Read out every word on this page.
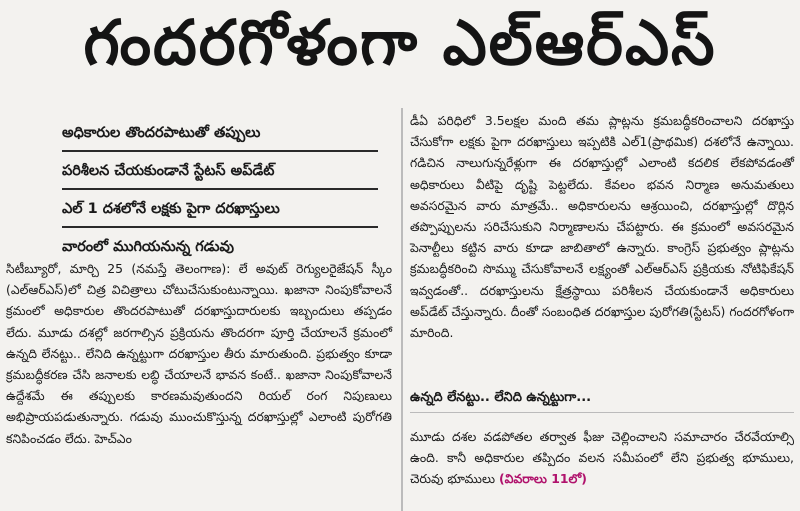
గందరగోళంగా ఎల్ఆర్ఎస్
అధికారుల తొందరపాటుతో తప్పులు
పరిశీలన చేయకుండానే స్టేటస్ అప్‌డేట్
ఎల్ 1 దశలోనే లక్షకు పైగా దరఖాస్తులు
వారంలో ముగియనున్న గడువు
సిటీబ్యూరో, మార్చి 25 (నమస్తే తెలంగాణ): లే అవుట్ రెగ్యులరైజేషన్ స్కీం (ఎల్ఆర్ఎస్)లో చిత్ర విచిత్రాలు చోటుచేసుకుంటున్నాయి. ఖజానా నింపుకోవాలనే క్రమంలో అధికారుల తొందరపాటుతో దరఖాస్తుదారులకు ఇబ్బందులు తప్పడం లేదు. మూడు దశల్లో జరగాల్సిన ప్రక్రియను తొందరగా పూర్తి చేయాలనే క్రమంలో ఉన్నది లేనట్టు.. లేనిది ఉన్నట్టుగా దరఖాస్తుల తీరు మారుతుంది. ప్రభుత్వం కూడా క్రమబద్ధీకరణ చేసి జనాలకు లబ్ధి చేయాలనే భావన కంటే.. ఖజానా నింపుకోవాలనే ఉద్దేశమే ఈ తప్పులకు కారణమవుతుందని రియల్ రంగ నిపుణులు అభిప్రాయపడుతున్నారు. గడువు ముంచుకొస్తున్న దరఖాస్తుల్లో ఎలాంటి పురోగతి కనిపించడం లేదు. హెచ్ఎం
డీఏ పరిధిలో 3.5లక్షల మంది తమ ప్లాట్లను క్రమబద్ధీకరించాలని దరఖాస్తు చేసుకోగా లక్షకు పైగా దరఖాస్తులు ఇప్పటికి ఎల్1(ప్రాథమిక) దశలోనే ఉన్నాయి. గడిచిన నాలుగున్నరేళ్లుగా ఈ దరఖాస్తుల్లో ఎలాంటి కదలిక లేకపోవడంతో అధికారులు వీటిపై దృష్టి పెట్టలేదు. కేవలం భవన నిర్మాణ అనుమతులు అవసరమైన వారు మాత్రమే.. అధికారులను ఆశ్రయించి, దరఖాస్తుల్లో దొర్లిన తప్పొప్పులను సరిచేసుకుని నిర్మాణాలను చేపట్టారు. ఈ క్రమంలో అవసరమైన పెనాల్టీలు కట్టిన వారు కూడా జాబితాలో ఉన్నారు. కాంగ్రెస్ ప్రభుత్వం ప్లాట్లను క్రమబద్ధీకరించి సొమ్ము చేసుకోవాలనే లక్ష్యంతో ఎల్ఆర్ఎస్ ప్రక్రియకు నోటిఫికేషన్ ఇవ్వడంతో.. దరఖాస్తులను క్షేత్రస్థాయి పరిశీలన చేయకుండానే అధికారులు అప్‌డేట్ చేస్తున్నారు. దీంతో సంబంధిత దరఖాస్తుల పురోగతి(స్టేటస్) గందరగోళంగా మారింది.
ఉన్నది లేనట్టు.. లేనిది ఉన్నట్టుగా...
మూడు దశల వడపోతల తర్వాత ఫీజు చెల్లించాలని సమాచారం చేరవేయాల్సి ఉంది. కానీ అధికారుల తప్పిదం వలన సమీపంలో లేని ప్రభుత్వ భూములు, చెరువు భూములు (వివరాలు 11లో)
